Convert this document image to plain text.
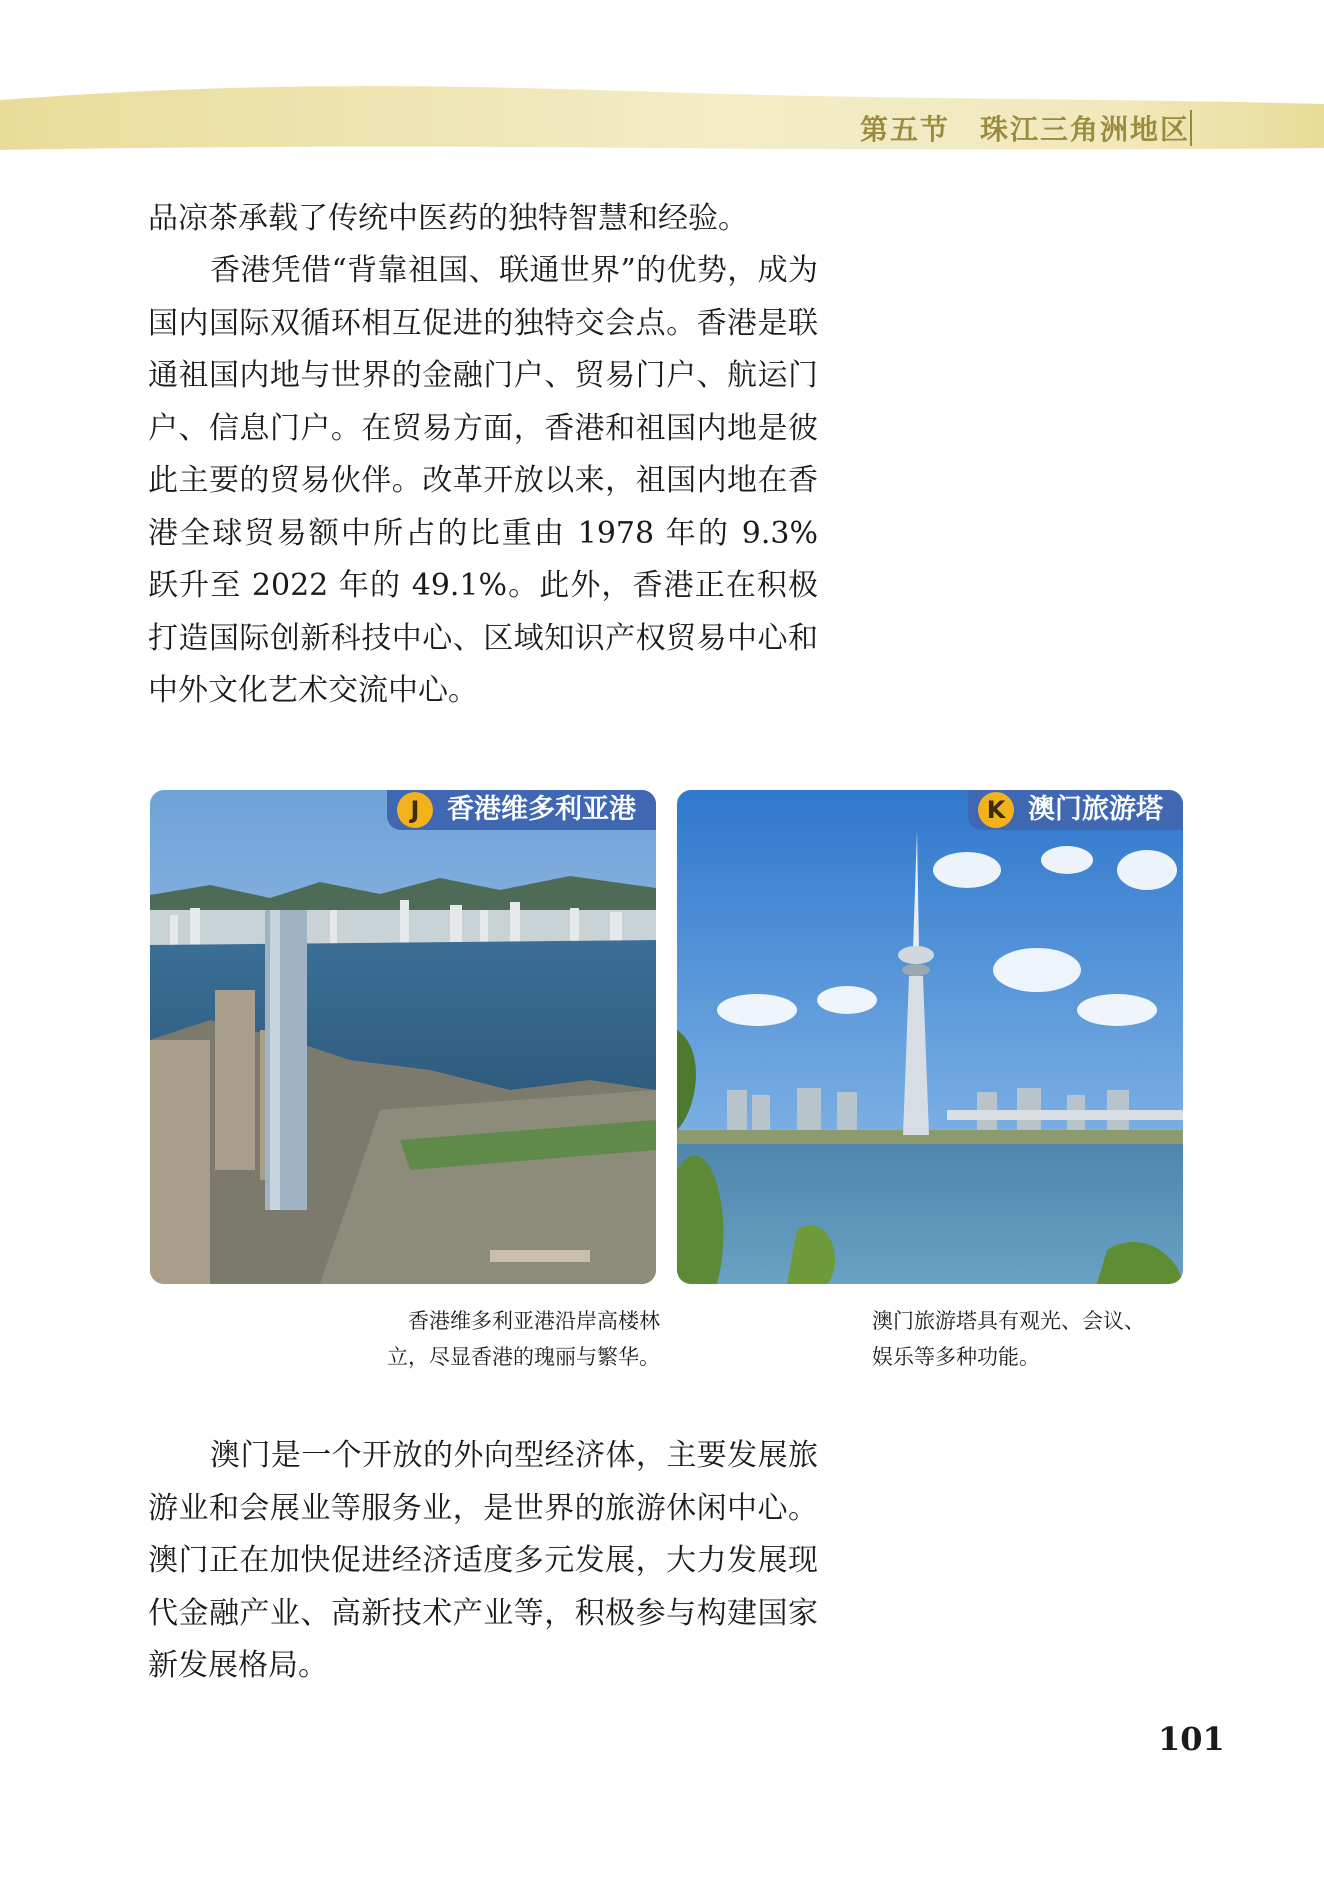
第五节 珠江三角洲地区

品凉茶承载了传统中医药的独特智慧和经验。

香港凭借“背靠祖国、联通世界”的优势，成为国内国际双循环相互促进的独特交会点。香港是联通祖国内地与世界的金融门户、贸易门户、航运门户、信息门户。在贸易方面，香港和祖国内地是彼此主要的贸易伙伴。改革开放以来，祖国内地在香港全球贸易额中所占的比重由 1978 年的 9.3% 跃升至 2022 年的 49.1%。此外，香港正在积极打造国际创新科技中心、区域知识产权贸易中心和中外文化艺术交流中心。

J	香港维多利亚港	K 澳门旅游塔
香港维多利亚港沿岸高楼林
立，尽显香港的瑰丽与繁华。
澳门旅游塔具有观光、会议、
娱乐等多种功能。

澳门是一个开放的外向型经济体，主要发展旅游业和会展业等服务业，是世界的旅游休闲中心。澳门正在加快促进经济适度多元发展，大力发展现代金融产业、高新技术产业等，积极参与构建国家新发展格局。

101
